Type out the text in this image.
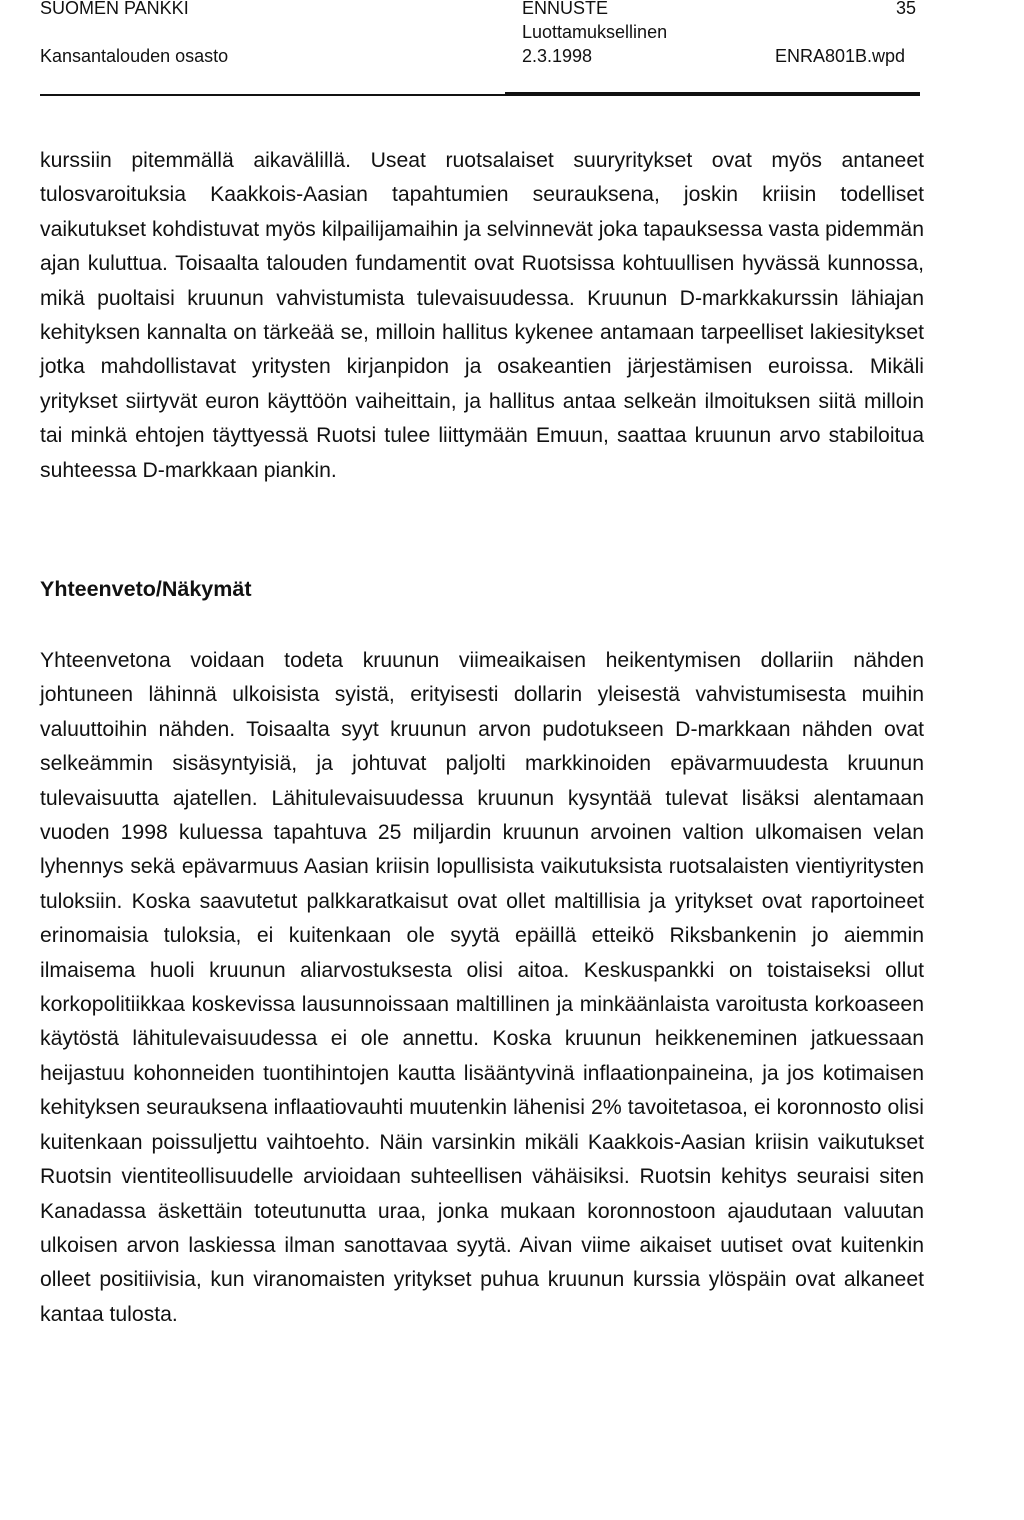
SUOMEN PANKKI
Kansantalouden osasto
ENNUSTE
Luottamuksellinen
2.3.1998
35
ENRA801B.wpd
kurssiin pitemmällä aikavälillä. Useat ruotsalaiset suuryritykset ovat myös antaneet tulosvaroituksia Kaakkois-Aasian tapahtumien seurauksena, joskin kriisin todelliset vaikutukset kohdistuvat myös kilpailijamaihin ja selvinnevät joka tapauksessa vasta pidemmän ajan kuluttua. Toisaalta talouden fundamentit ovat Ruotsissa kohtuullisen hyvässä kunnossa, mikä puoltaisi kruunun vahvistumista tulevaisuudessa. Kruunun D-markkakurssin lähiajan kehityksen kannalta on tärkeää se, milloin hallitus kykenee antamaan tarpeelliset lakiesitykset jotka mahdollistavat yritysten kirjanpidon ja osakeantien järjestämisen euroissa. Mikäli yritykset siirtyvät euron käyttöön vaiheittain, ja hallitus antaa selkeän ilmoituksen siitä milloin tai minkä ehtojen täyttyessä Ruotsi tulee liittymään Emuun, saattaa kruunun arvo stabiloitua suhteessa D-markkaan piankin.
Yhteenveto/Näkymät
Yhteenvetona voidaan todeta kruunun viimeaikaisen heikentymisen dollariin nähden johtuneen lähinnä ulkoisista syistä, erityisesti dollarin yleisestä vahvistumisesta muihin valuuttoihin nähden. Toisaalta syyt kruunun arvon pudotukseen D-markkaan nähden ovat selkeämmin sisäsyntyisiä, ja johtuvat paljolti markkinoiden epävarmuudesta kruunun tulevaisuutta ajatellen. Lähitulevaisuudessa kruunun kysyntää tulevat lisäksi alentamaan vuoden 1998 kuluessa tapahtuva 25 miljardin kruunun arvoinen valtion ulkomaisen velan lyhennys sekä epävarmuus Aasian kriisin lopullisista vaikutuksista ruotsalaisten vientiyritysten tuloksiin. Koska saavutetut palkkaratkaisut ovat ollet maltillisia ja yritykset ovat raportoineet erinomaisia tuloksia, ei kuitenkaan ole syytä epäillä etteikö Riksbankenin jo aiemmin ilmaisema huoli kruunun aliarvostuksesta olisi aitoa. Keskuspankki on toistaiseksi ollut korkopolitiikkaa koskevissa lausunnoissaan maltillinen ja minkäänlaista varoitusta korkoaseen käytöstä lähitulevaisuudessa ei ole annettu. Koska kruunun heikkeneminen jatkuessaan heijastuu kohonneiden tuontihintojen kautta lisääntyvinä inflaationpaineina, ja jos kotimaisen kehityksen seurauksena inflaatiovauhti muutenkin lähenisi 2% tavoitetasoa, ei koronnosto olisi kuitenkaan poissuljettu vaihtoehto. Näin varsinkin mikäli Kaakkois-Aasian kriisin vaikutukset Ruotsin vientiteollisuudelle arvioidaan suhteellisen vähäisiksi. Ruotsin kehitys seuraisi siten Kanadassa äskettäin toteutunutta uraa, jonka mukaan koronnostoon ajaudutaan valuutan ulkoisen arvon laskiessa ilman sanottavaa syytä. Aivan viime aikaiset uutiset ovat kuitenkin olleet positiivisia, kun viranomaisten yritykset puhua kruunun kurssia ylöspäin ovat alkaneet kantaa tulosta.
